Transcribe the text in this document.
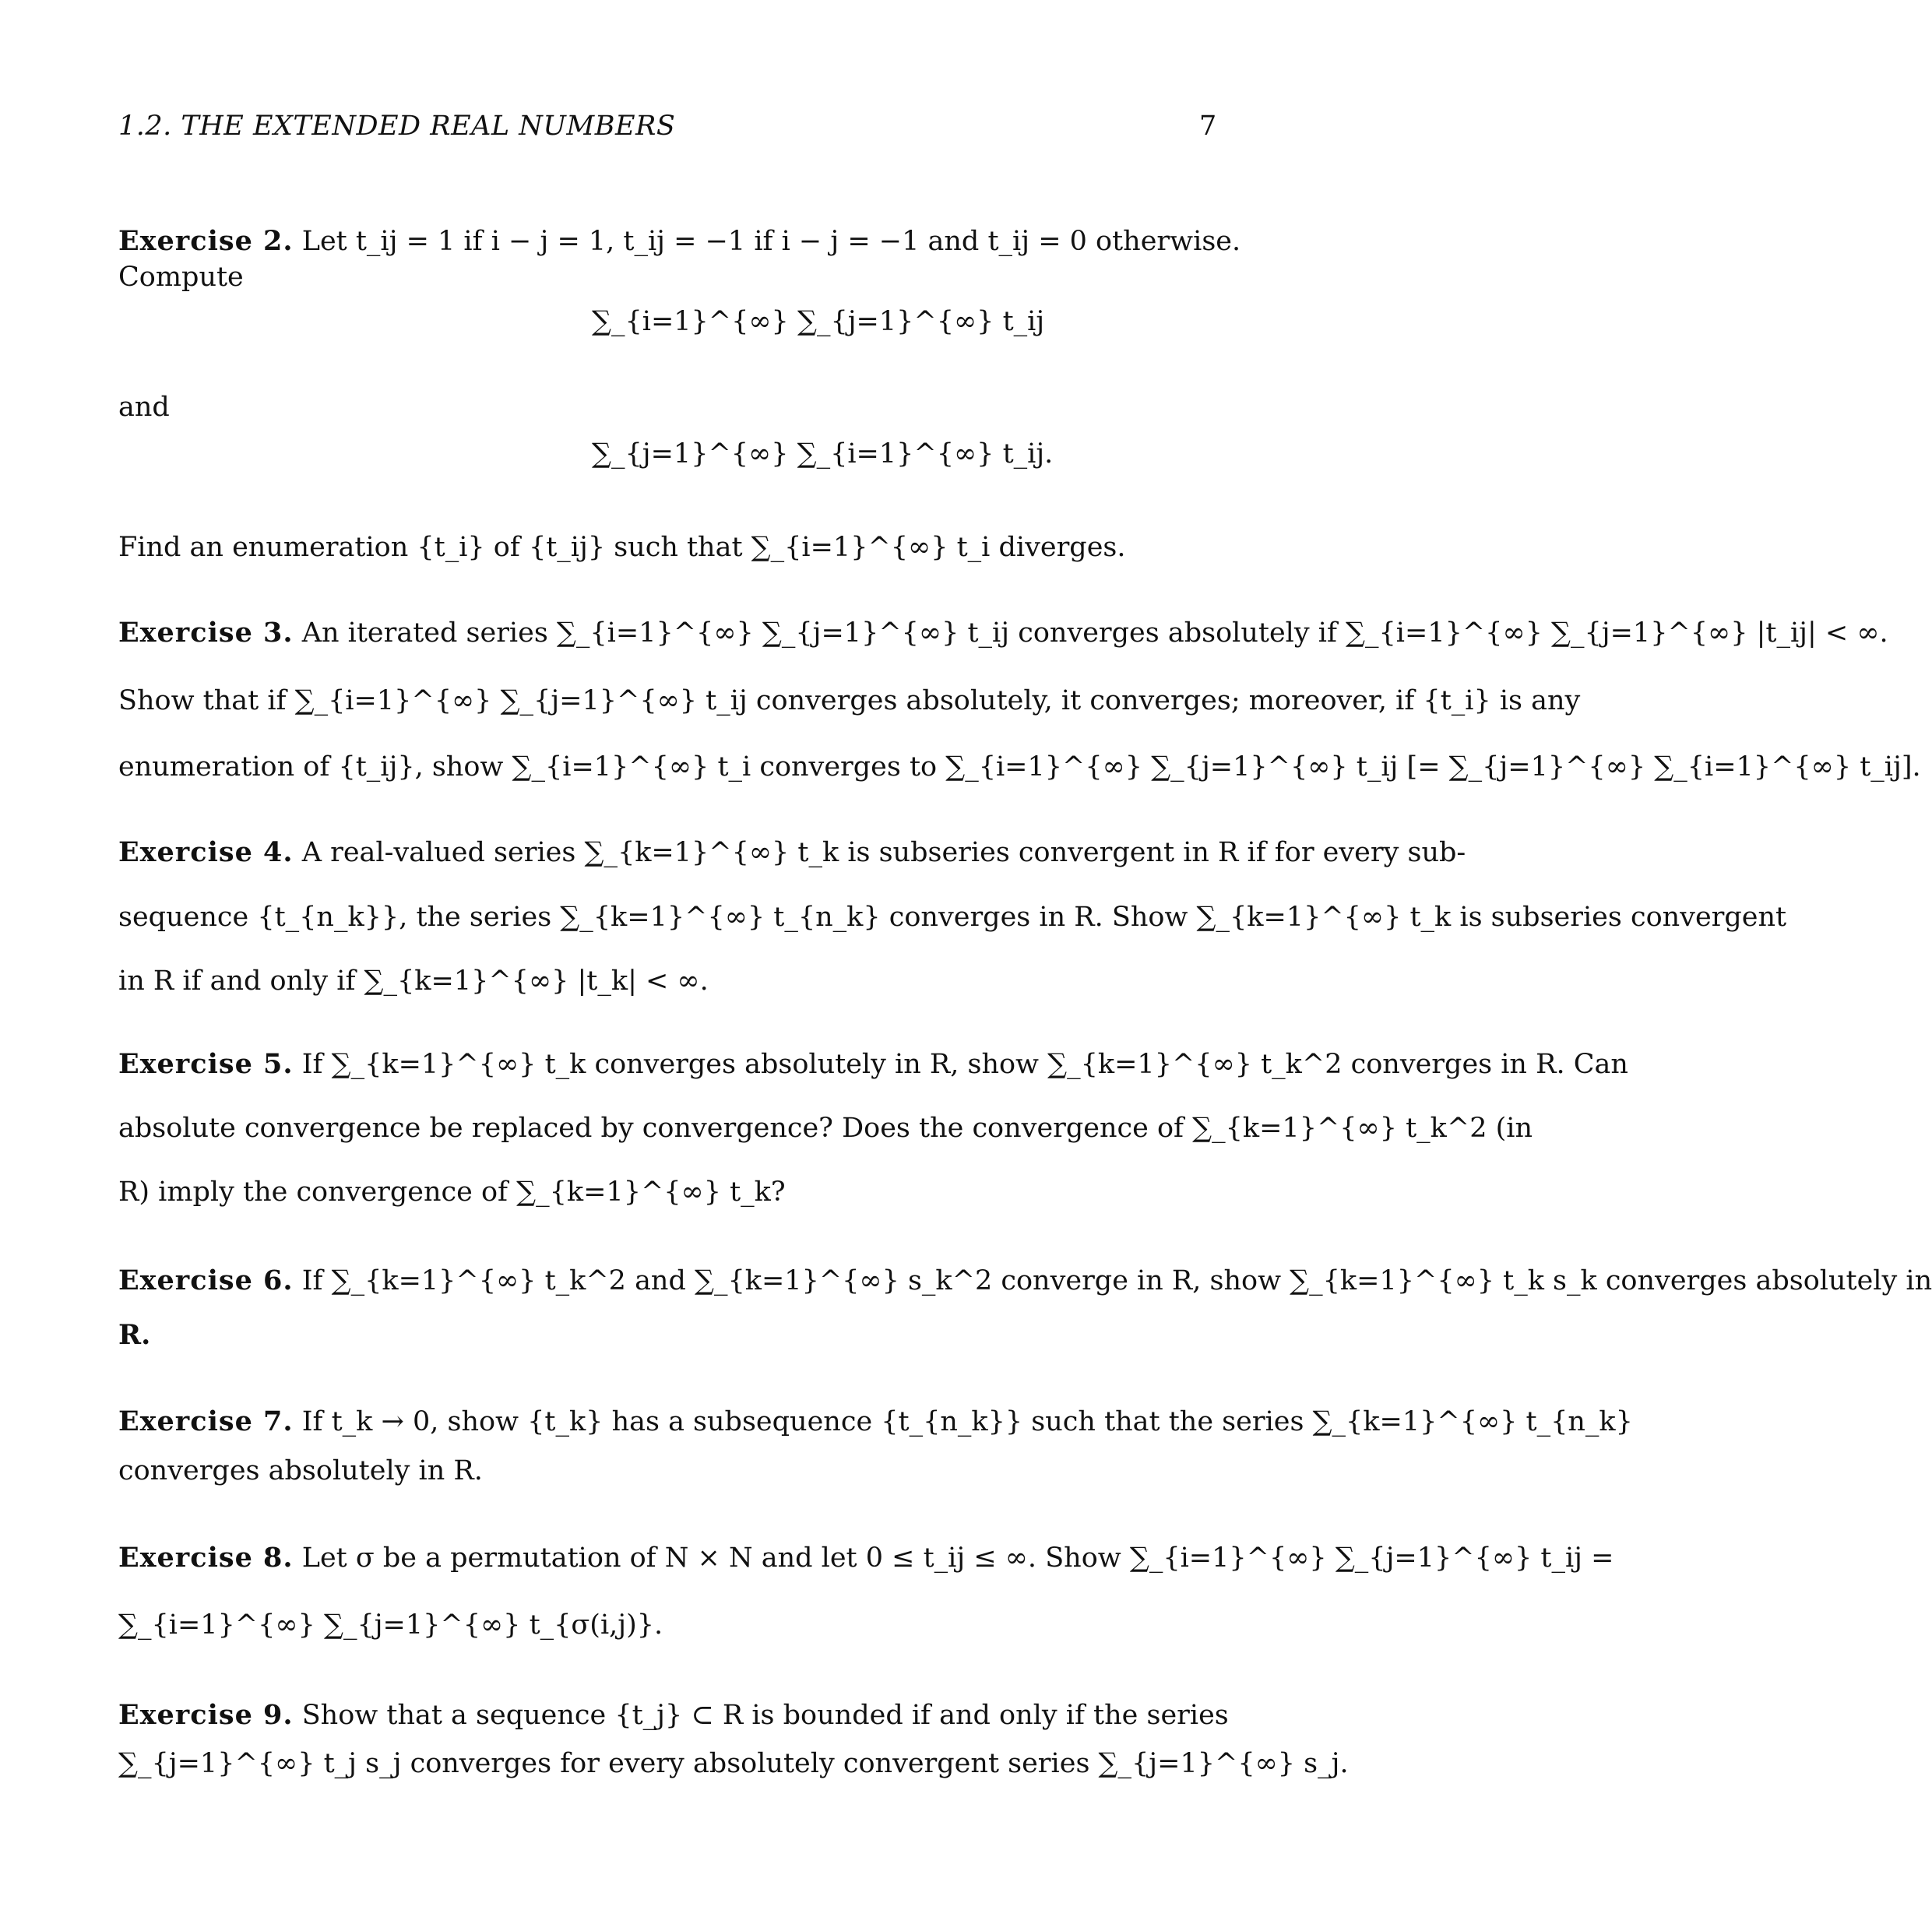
1.2. THE EXTENDED REAL NUMBERS	7
Exercise 2. Let t_ij = 1 if i − j = 1, t_ij = −1 if i − j = −1 and t_ij = 0 otherwise.
Compute
∑_{i=1}^{∞} ∑_{j=1}^{∞} t_ij
and
∑_{j=1}^{∞} ∑_{i=1}^{∞} t_ij.
Find an enumeration {t_i} of {t_ij} such that ∑_{i=1}^{∞} t_i diverges.
Exercise 3. An iterated series ∑_{i=1}^{∞} ∑_{j=1}^{∞} t_ij converges absolutely if ∑_{i=1}^{∞} ∑_{j=1}^{∞} |t_ij| < ∞.
Show that if ∑_{i=1}^{∞} ∑_{j=1}^{∞} t_ij converges absolutely, it converges; moreover, if {t_i} is any
enumeration of {t_ij}, show ∑_{i=1}^{∞} t_i converges to ∑_{i=1}^{∞} ∑_{j=1}^{∞} t_ij [= ∑_{j=1}^{∞} ∑_{i=1}^{∞} t_ij].
Exercise 4. A real-valued series ∑_{k=1}^{∞} t_k is subseries convergent in R if for every sub-
sequence {t_{n_k}}, the series ∑_{k=1}^{∞} t_{n_k} converges in R. Show ∑_{k=1}^{∞} t_k is subseries convergent
in R if and only if ∑_{k=1}^{∞} |t_k| < ∞.
Exercise 5. If ∑_{k=1}^{∞} t_k converges absolutely in R, show ∑_{k=1}^{∞} t_k^2 converges in R. Can
absolute convergence be replaced by convergence? Does the convergence of ∑_{k=1}^{∞} t_k^2 (in
R) imply the convergence of ∑_{k=1}^{∞} t_k?
Exercise 6. If ∑_{k=1}^{∞} t_k^2 and ∑_{k=1}^{∞} s_k^2 converge in R, show ∑_{k=1}^{∞} t_k s_k converges absolutely in
R.
Exercise 7. If t_k → 0, show {t_k} has a subsequence {t_{n_k}} such that the series ∑_{k=1}^{∞} t_{n_k}
converges absolutely in R.
Exercise 8. Let σ be a permutation of N × N and let 0 ≤ t_ij ≤ ∞. Show ∑_{i=1}^{∞} ∑_{j=1}^{∞} t_ij =
∑_{i=1}^{∞} ∑_{j=1}^{∞} t_{σ(i,j)}.
Exercise 9. Show that a sequence {t_j} ⊂ R is bounded if and only if the series
∑_{j=1}^{∞} t_j s_j converges for every absolutely convergent series ∑_{j=1}^{∞} s_j.
